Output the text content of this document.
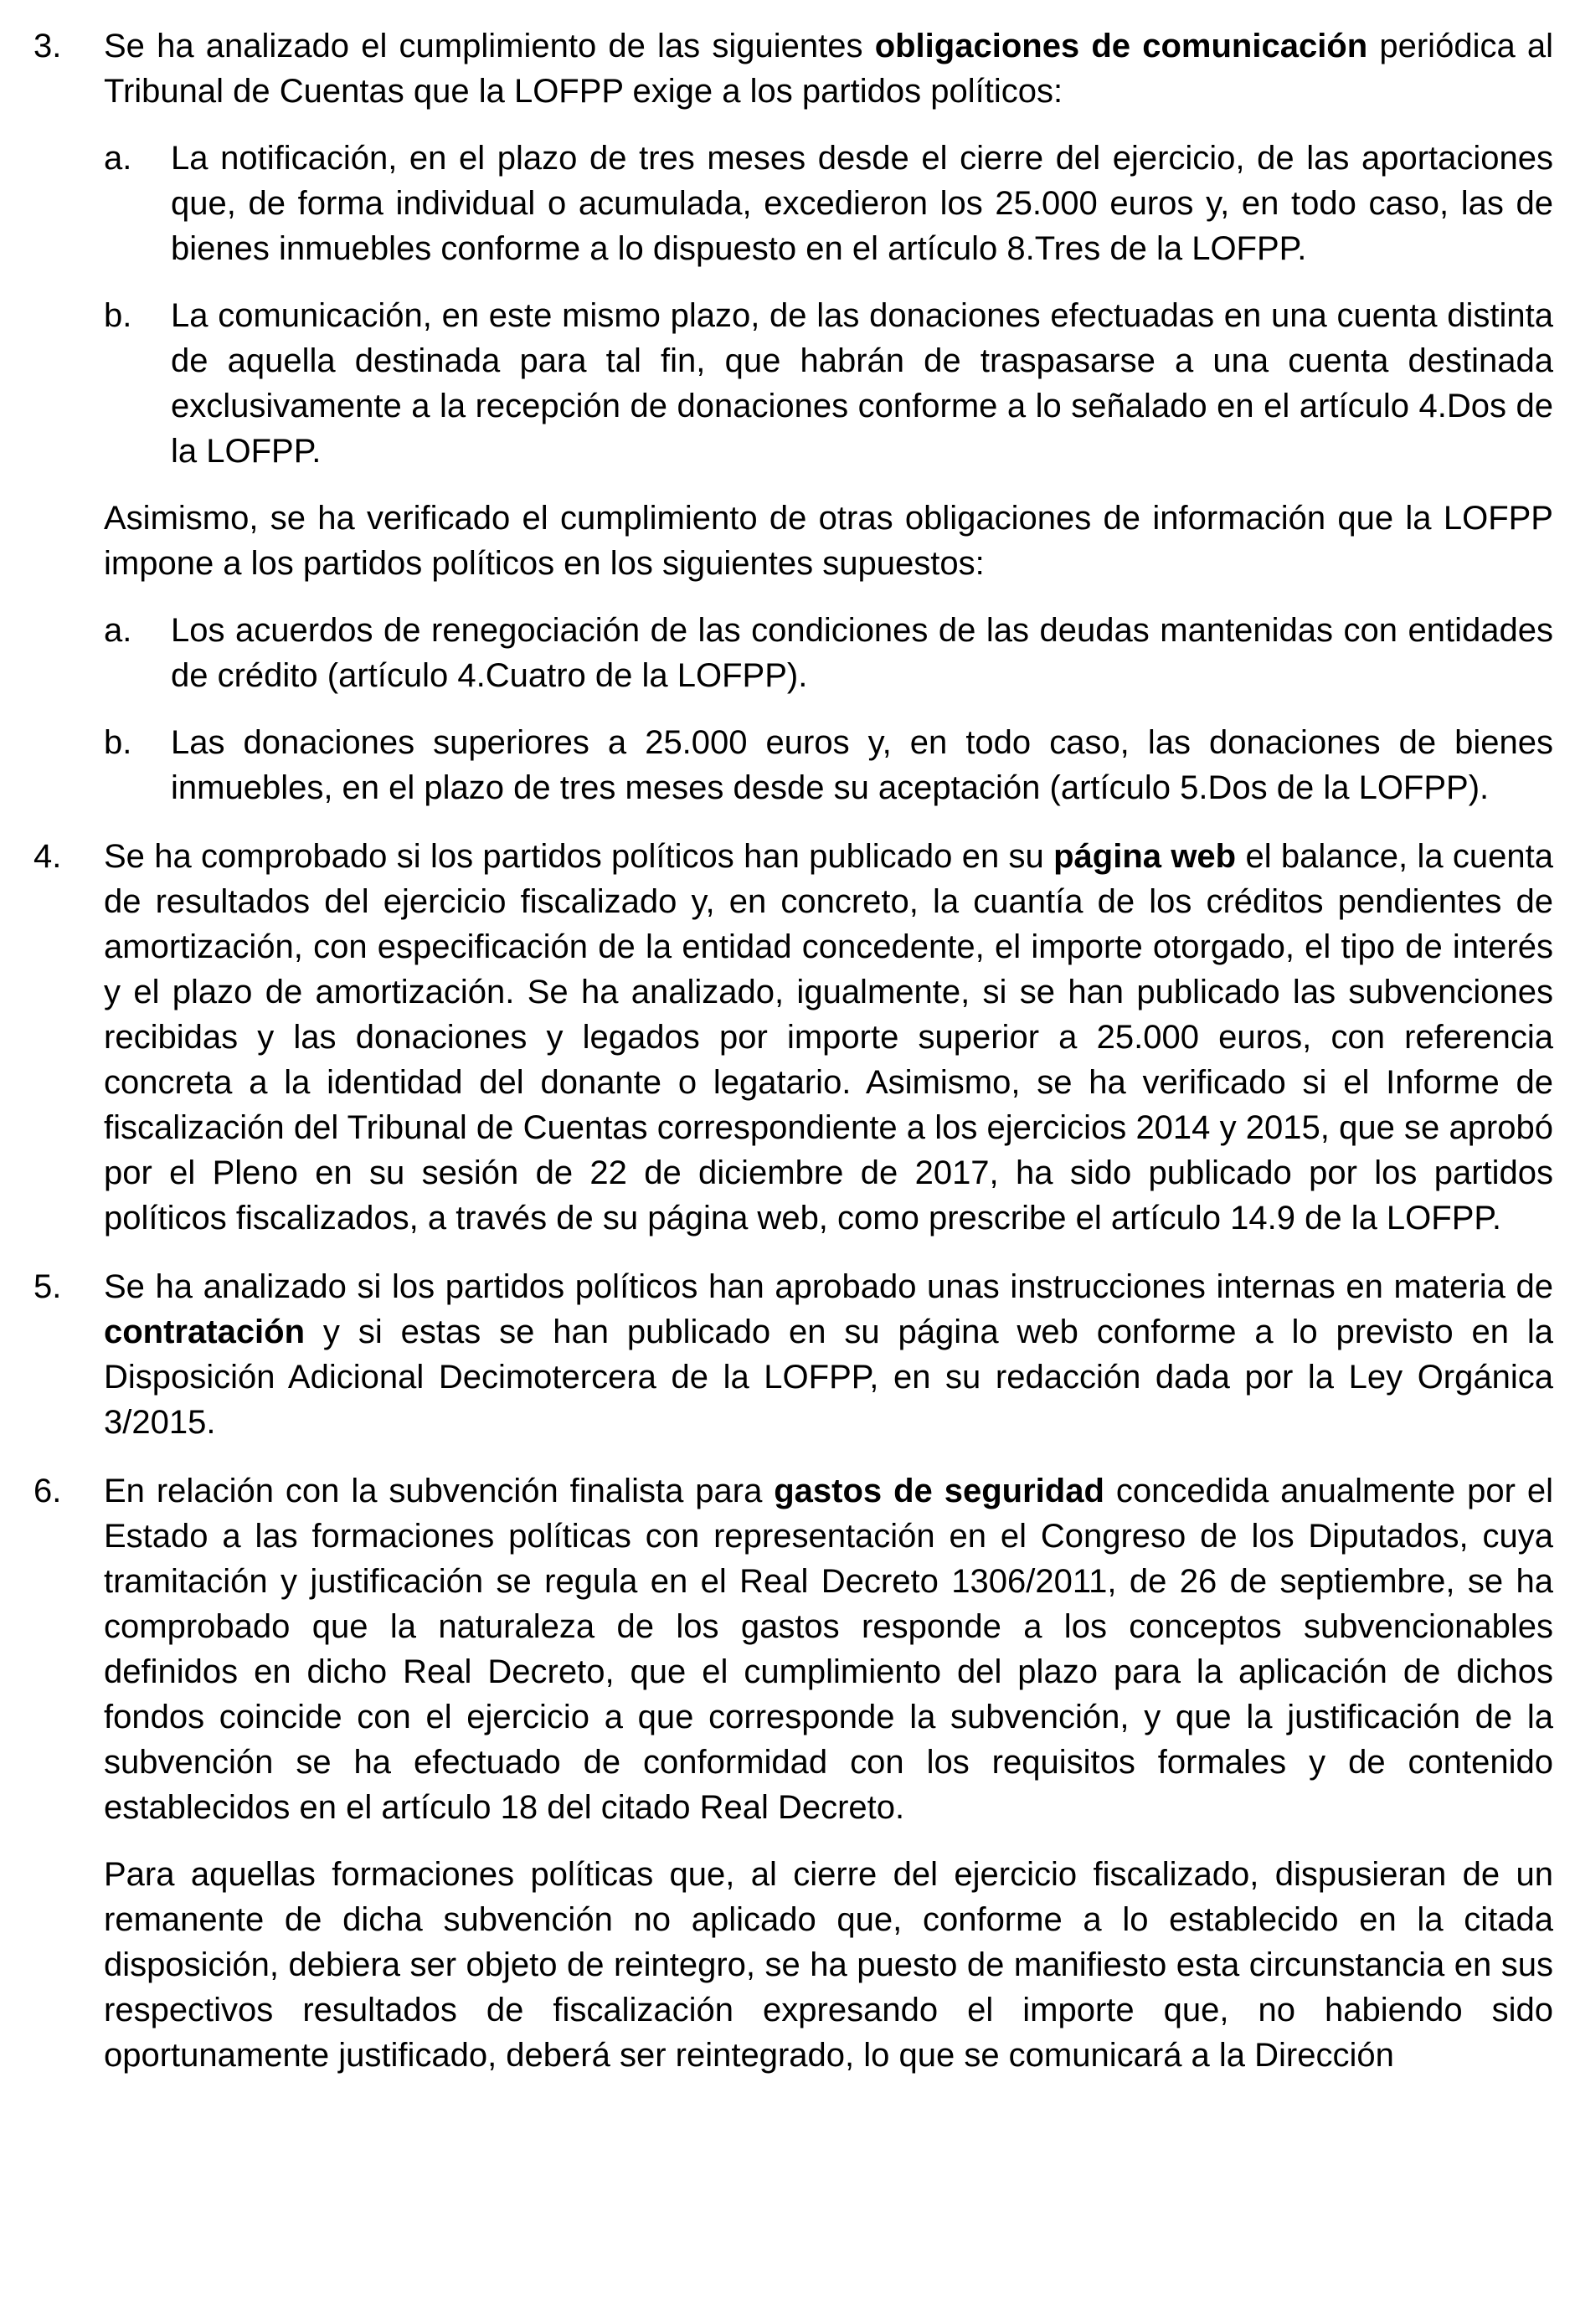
3. Se ha analizado el cumplimiento de las siguientes obligaciones de comunicación periódica al Tribunal de Cuentas que la LOFPP exige a los partidos políticos:

a. La notificación, en el plazo de tres meses desde el cierre del ejercicio, de las aportaciones que, de forma individual o acumulada, excedieron los 25.000 euros y, en todo caso, las de bienes inmuebles conforme a lo dispuesto en el artículo 8.Tres de la LOFPP.
b. La comunicación, en este mismo plazo, de las donaciones efectuadas en una cuenta distinta de aquella destinada para tal fin, que habrán de traspasarse a una cuenta destinada exclusivamente a la recepción de donaciones conforme a lo señalado en el artículo 4.Dos de la LOFPP.

Asimismo, se ha verificado el cumplimiento de otras obligaciones de información que la LOFPP impone a los partidos políticos en los siguientes supuestos:

a. Los acuerdos de renegociación de las condiciones de las deudas mantenidas con entidades de crédito (artículo 4.Cuatro de la LOFPP).
b. Las donaciones superiores a 25.000 euros y, en todo caso, las donaciones de bienes inmuebles, en el plazo de tres meses desde su aceptación (artículo 5.Dos de la LOFPP).
4. Se ha comprobado si los partidos políticos han publicado en su página web el balance, la cuenta de resultados del ejercicio fiscalizado y, en concreto, la cuantía de los créditos pendientes de amortización, con especificación de la entidad concedente, el importe otorgado, el tipo de interés y el plazo de amortización. Se ha analizado, igualmente, si se han publicado las subvenciones recibidas y las donaciones y legados por importe superior a 25.000 euros, con referencia concreta a la identidad del donante o legatario. Asimismo, se ha verificado si el Informe de fiscalización del Tribunal de Cuentas correspondiente a los ejercicios 2014 y 2015, que se aprobó por el Pleno en su sesión de 22 de diciembre de 2017, ha sido publicado por los partidos políticos fiscalizados, a través de su página web, como prescribe el artículo 14.9 de la LOFPP.

5. Se ha analizado si los partidos políticos han aprobado unas instrucciones internas en materia de contratación y si estas se han publicado en su página web conforme a lo previsto en la Disposición Adicional Decimotercera de la LOFPP, en su redacción dada por la Ley Orgánica 3/2015.

6. En relación con la subvención finalista para gastos de seguridad concedida anualmente por el Estado a las formaciones políticas con representación en el Congreso de los Diputados, cuya tramitación y justificación se regula en el Real Decreto 1306/2011, de 26 de septiembre, se ha comprobado que la naturaleza de los gastos responde a los conceptos subvencionables definidos en dicho Real Decreto, que el cumplimiento del plazo para la aplicación de dichos fondos coincide con el ejercicio a que corresponde la subvención, y que la justificación de la subvención se ha efectuado de conformidad con los requisitos formales y de contenido establecidos en el artículo 18 del citado Real Decreto.

Para aquellas formaciones políticas que, al cierre del ejercicio fiscalizado, dispusieran de un remanente de dicha subvención no aplicado que, conforme a lo establecido en la citada disposición, debiera ser objeto de reintegro, se ha puesto de manifiesto esta circunstancia en sus respectivos resultados de fiscalización expresando el importe que, no habiendo sido oportunamente justificado, deberá ser reintegrado, lo que se comunicará a la Dirección
